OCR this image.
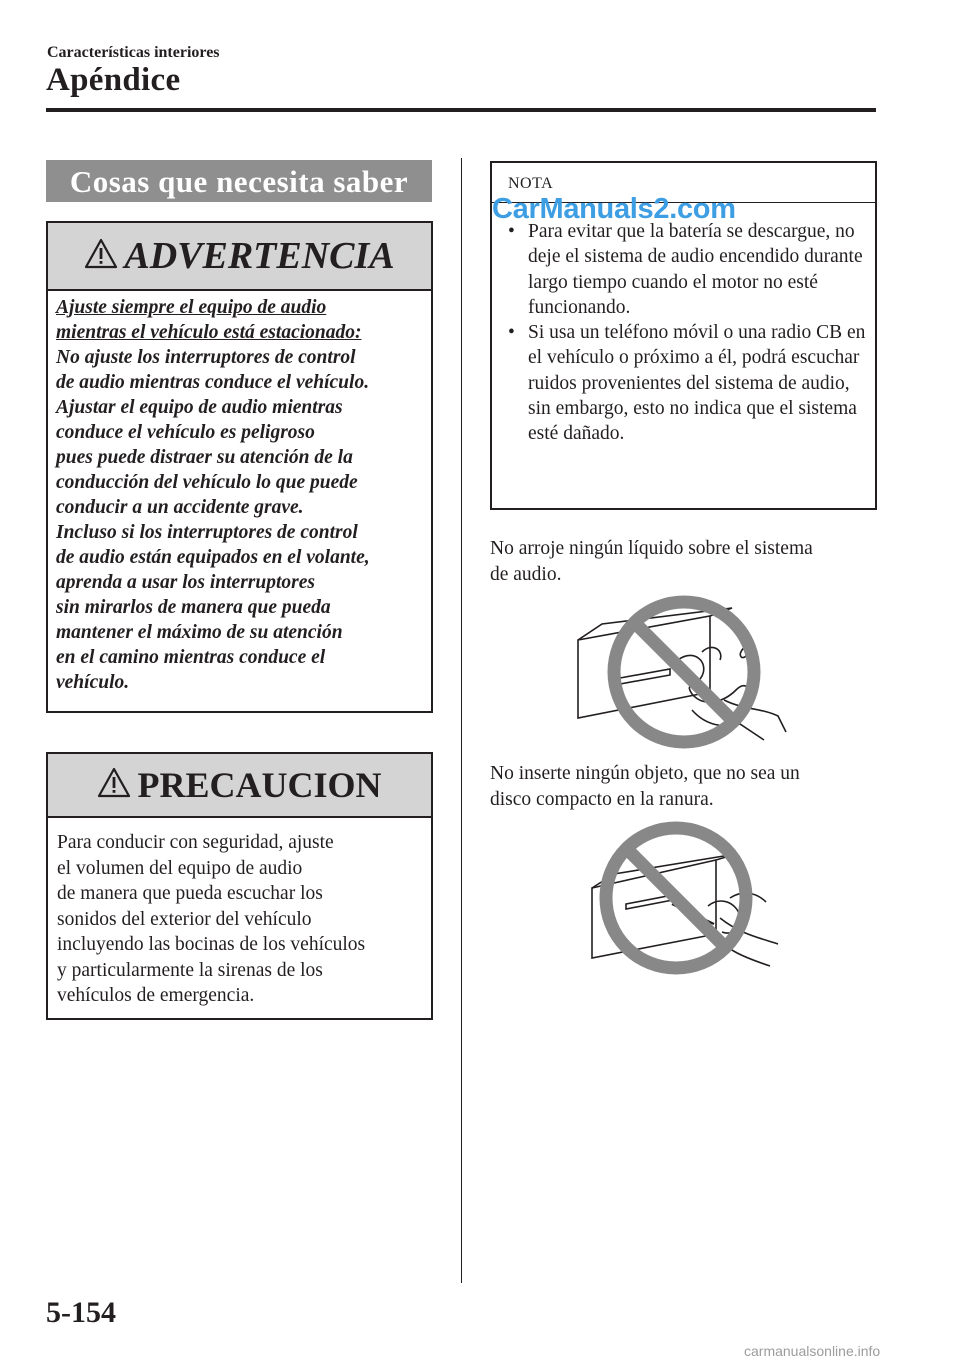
Características interiores
Apéndice
Cosas que necesita saber
ADVERTENCIA

Ajuste siempre el equipo de audio

mientras el vehículo está estacionado:

No ajuste los interruptores de control
de audio mientras conduce el vehículo.
Ajustar el equipo de audio mientras
conduce el vehículo es peligroso
pues puede distraer su atención de la
conducción del vehículo lo que puede
conducir a un accidente grave.
Incluso si los interruptores de control
de audio están equipados en el volante,
aprenda a usar los interruptores
sin mirarlos de manera que pueda
mantener el máximo de su atención
en el camino mientras conduce el
vehículo.

PRECAUCION

Para conducir con seguridad, ajuste
el volumen del equipo de audio
de manera que pueda escuchar los
sonidos del exterior del vehículo
incluyendo las bocinas de los vehículos
y particularmente la sirenas de los
vehículos de emergencia.

NOTA
CarManuals2.com
• Para evitar que la batería se descargue, no deje el sistema de audio encendido durante largo tiempo cuando el motor no esté funcionando.
• Si usa un teléfono móvil o una radio CB en el vehículo o próximo a él, podrá escuchar ruidos provenientes del sistema de audio, sin embargo, esto no indica que el sistema esté dañado.
No arroje ningún líquido sobre el sistema
de audio.
No inserte ningún objeto, que no sea un
disco compacto en la ranura.
5-154
carmanualsonline.info
